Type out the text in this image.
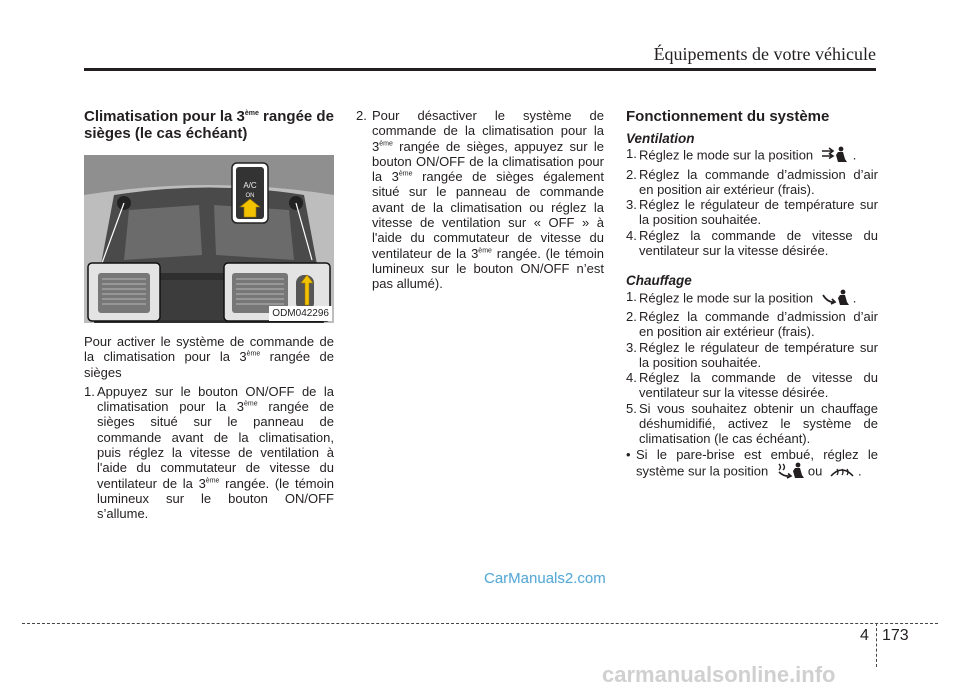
Équipements de votre véhicule
Climatisation pour la 3ème rangée de sièges (le cas échéant)
A/C
ON
ODM042296
Pour activer le système de commande de la climatisation pour la 3ème rangée de sièges
1. Appuyez sur le bouton ON/OFF de la climatisation pour la 3ème rangée de sièges situé sur le panneau de commande avant de la climatisation, puis réglez la vitesse de ventilation à l'aide du commutateur de vitesse du ventilateur de la 3ème rangée. (le témoin lumineux sur le bouton ON/OFF s’allume.
2. Pour désactiver le système de commande de la climatisation pour la 3ème rangée de sièges, appuyez sur le bouton ON/OFF de la climatisation pour la 3ème rangée de sièges également situé sur le panneau de commande avant de la climatisation ou réglez la vitesse de ventilation sur « OFF » à l'aide du commutateur de vitesse du ventilateur de la 3ème rangée. (le témoin lumineux sur le bouton ON/OFF n’est pas allumé).
Fonctionnement du système
Ventilation
1. Réglez le mode sur la position	.
2. Réglez la commande d’admission d’air en position air extérieur (frais).
3. Réglez le régulateur de température sur la position souhaitée.
4. Réglez la commande de vitesse du ventilateur sur la vitesse désirée.
Chauffage
1. Réglez le mode sur la position	.
2. Réglez la commande d’admission d’air en position air extérieur (frais).
3. Réglez le régulateur de température sur la position souhaitée.
4. Réglez la commande de vitesse du ventilateur sur la vitesse désirée.
5. Si vous souhaitez obtenir un chauffage déshumidifié, activez le système de climatisation (le cas échéant).
• Si le pare-brise est embué, réglez le système sur la position	ou	.
CarManuals2.com
4 173
carmanualsonline.info
